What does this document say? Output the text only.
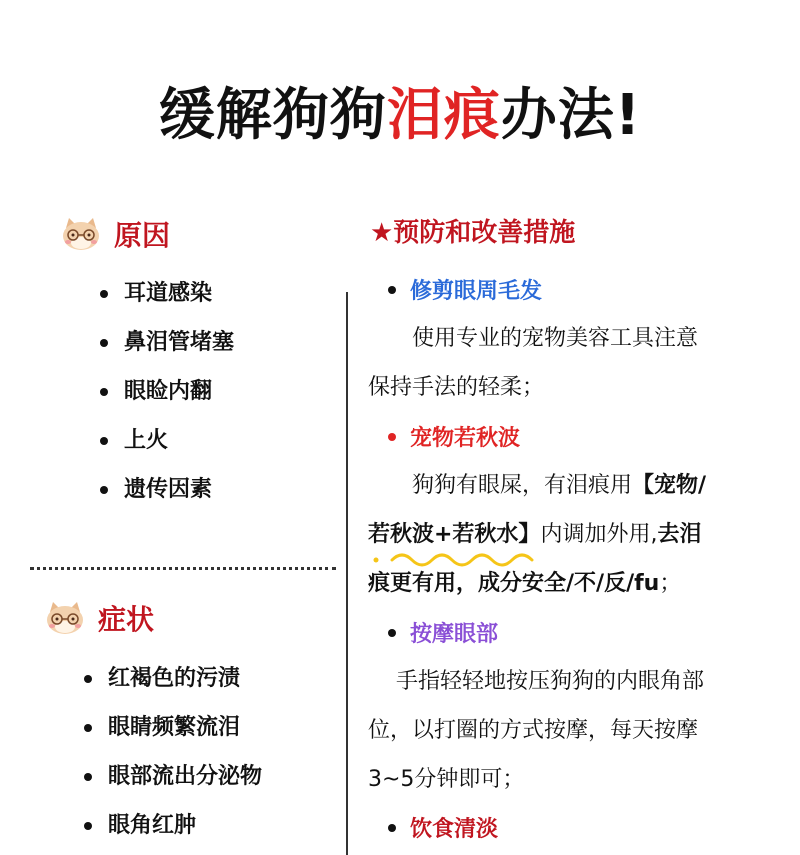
缓解狗狗泪痕办法!
原因
耳道感染
鼻泪管堵塞
眼睑内翻
上火
遗传因素
症状
红褐色的污渍
眼睛频繁流泪
眼部流出分泌物
眼角红肿
★预防和改善措施
修剪眼周毛发
使用专业的宠物美容工具注意
保持手法的轻柔；
宠物若秋波
狗狗有眼屎，有泪痕用【宠物/
若秋波+若秋水】内调加外用,去泪
痕更有用，成分安全/不/反/fu；
按摩眼部
手指轻轻地按压狗狗的内眼角部
位，以打圈的方式按摩，每天按摩
3~5分钟即可；
饮食清淡
